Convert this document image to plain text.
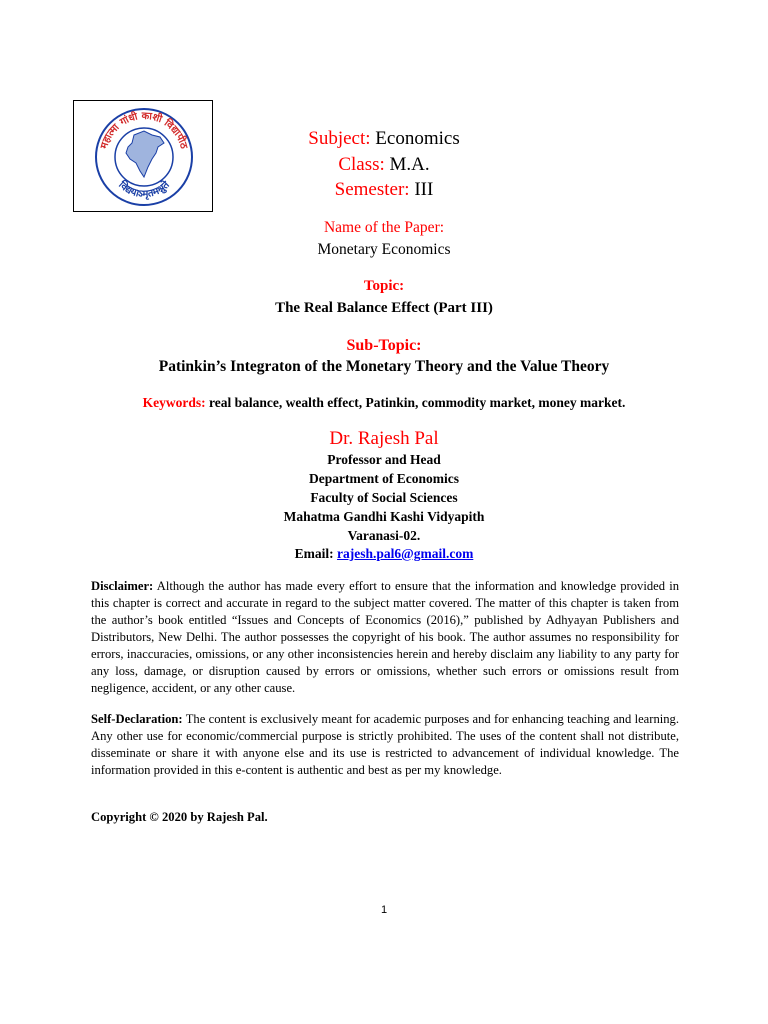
महात्मा गांधी काशी विद्यापीठ
विद्ययाऽमृतमश्नुते
Subject: Economics
Class: M.A.
Semester: III
Name of the Paper:
Monetary Economics
Topic:
The Real Balance Effect (Part III)
Sub-Topic:
Patinkin’s Integraton of the Monetary Theory and the Value Theory
Keywords: real balance, wealth effect, Patinkin, commodity market, money market.
Dr. Rajesh Pal
Professor and Head
Department of Economics
Faculty of Social Sciences
Mahatma Gandhi Kashi Vidyapith
Varanasi-02.
Email: rajesh.pal6@gmail.com
Disclaimer: Although the author has made every effort to ensure that the information and knowledge provided in this chapter is correct and accurate in regard to the subject matter covered. The matter of this chapter is taken from the author’s book entitled “Issues and Concepts of Economics (2016),” published by Adhyayan Publishers and Distributors, New Delhi. The author possesses the copyright of his book. The author assumes no responsibility for errors, inaccuracies, omissions, or any other inconsistencies herein and hereby disclaim any liability to any party for any loss, damage, or disruption caused by errors or omissions, whether such errors or omissions result from negligence, accident, or any other cause.
Self-Declaration: The content is exclusively meant for academic purposes and for enhancing teaching and learning. Any other use for economic/commercial purpose is strictly prohibited. The uses of the content shall not distribute, disseminate or share it with anyone else and its use is restricted to advancement of individual knowledge. The information provided in this e-content is authentic and best as per my knowledge.
Copyright © 2020 by Rajesh Pal.
1
